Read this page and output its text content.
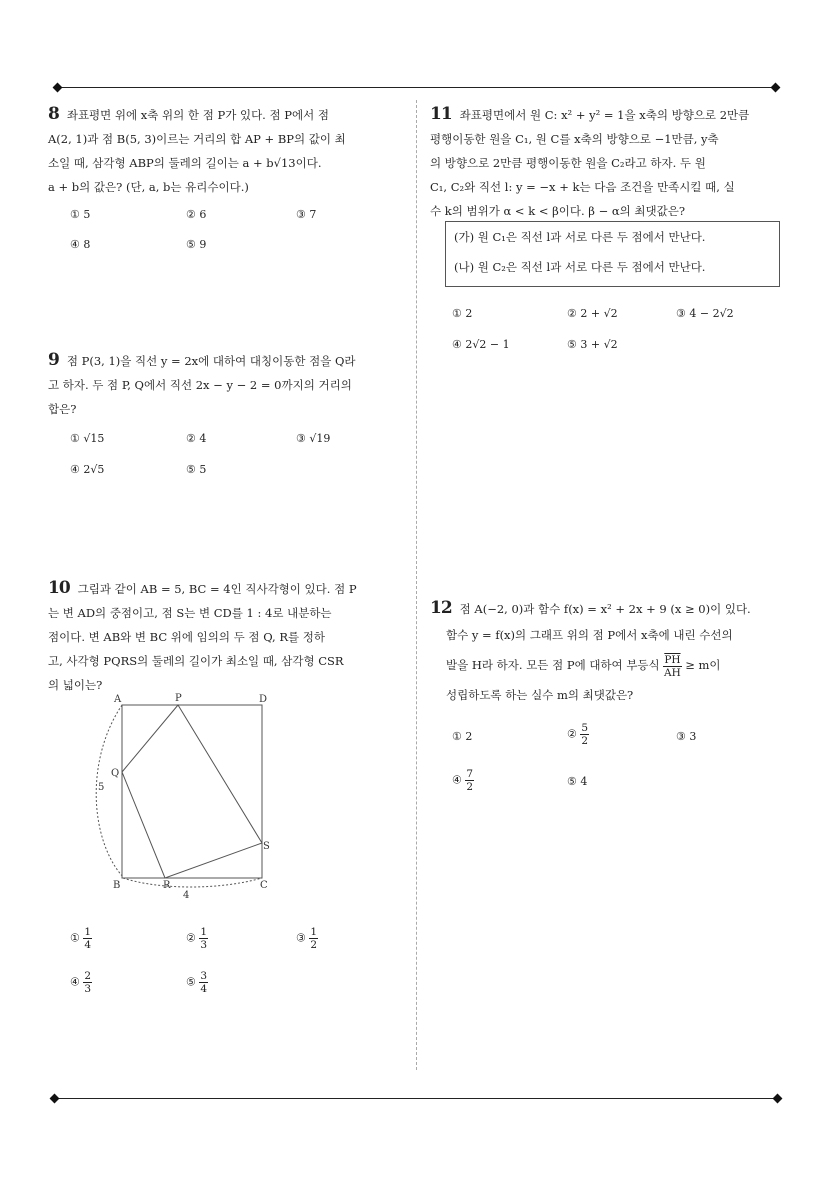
8 좌표평면 위에 x축 위의 한 점 P가 있다. 점 P에서 점
A(2, 1)과 점 B(5, 3)이르는 거리의 합 AP + BP의 값이 최
소일 때, 삼각형 ABP의 둘레의 길이는 a + b√13이다.
a + b의 값은? (단, a, b는 유리수이다.)
① 5	② 6	③ 7
④ 8	⑤ 9
9 점 P(3, 1)을 직선 y = 2x에 대하여 대칭이동한 점을 Q라
고 하자. 두 점 P, Q에서 직선 2x − y − 2 = 0까지의 거리의
합은?
① √15	② 4	③ √19
④ 2√5	⑤ 5
10 그림과 같이 AB = 5, BC = 4인 직사각형이 있다. 점 P
는 변 AD의 중점이고, 점 S는 변 CD를 1 : 4로 내분하는
점이다. 변 AB와 변 BC 위에 임의의 두 점 Q, R를 정하
고, 사각형 PQRS의 둘레의 길이가 최소일 때, 삼각형 CSR
의 넓이는?
A	P	D
Q
5
S
B	R	C
4
① $\frac{1}{4}$	② $\frac{1}{3}$	③ $\frac{1}{2}$
④ $\frac{2}{3}$	⑤ $\frac{3}{4}$
11 좌표평면에서 원 C: x² + y² = 1을 x축의 방향으로 2만큼
평행이동한 원을 C₁, 원 C를 x축의 방향으로 −1만큼, y축
의 방향으로 2만큼 평행이동한 원을 C₂라고 하자. 두 원
C₁, C₂와 직선 l: y = −x + k는 다음 조건을 만족시킬 때, 실
수 k의 범위가 α < k < β이다. β − α의 최댓값은?
(가) 원 C₁은 직선 l과 서로 다른 두 점에서 만난다.
(나) 원 C₂은 직선 l과 서로 다른 두 점에서 만난다.
① 2	② 2 + √2	③ 4 − 2√2
④ 2√2 − 1	⑤ 3 + √2
12 점 A(−2, 0)과 함수 f(x) = x² + 2x + 9 (x ≥ 0)이 있다.
함수 y = f(x)의 그래프 위의 점 P에서 x축에 내린 수선의
발을 H라 하자. 모든 점 P에 대하여 부등식 $\frac{\overline{PH}}{AH} \ge m$이
성립하도록 하는 실수 m의 최댓값은?
① 2	② $\frac{5}{2}$	③ 3
④ $\frac{7}{2}$	⑤ 4
